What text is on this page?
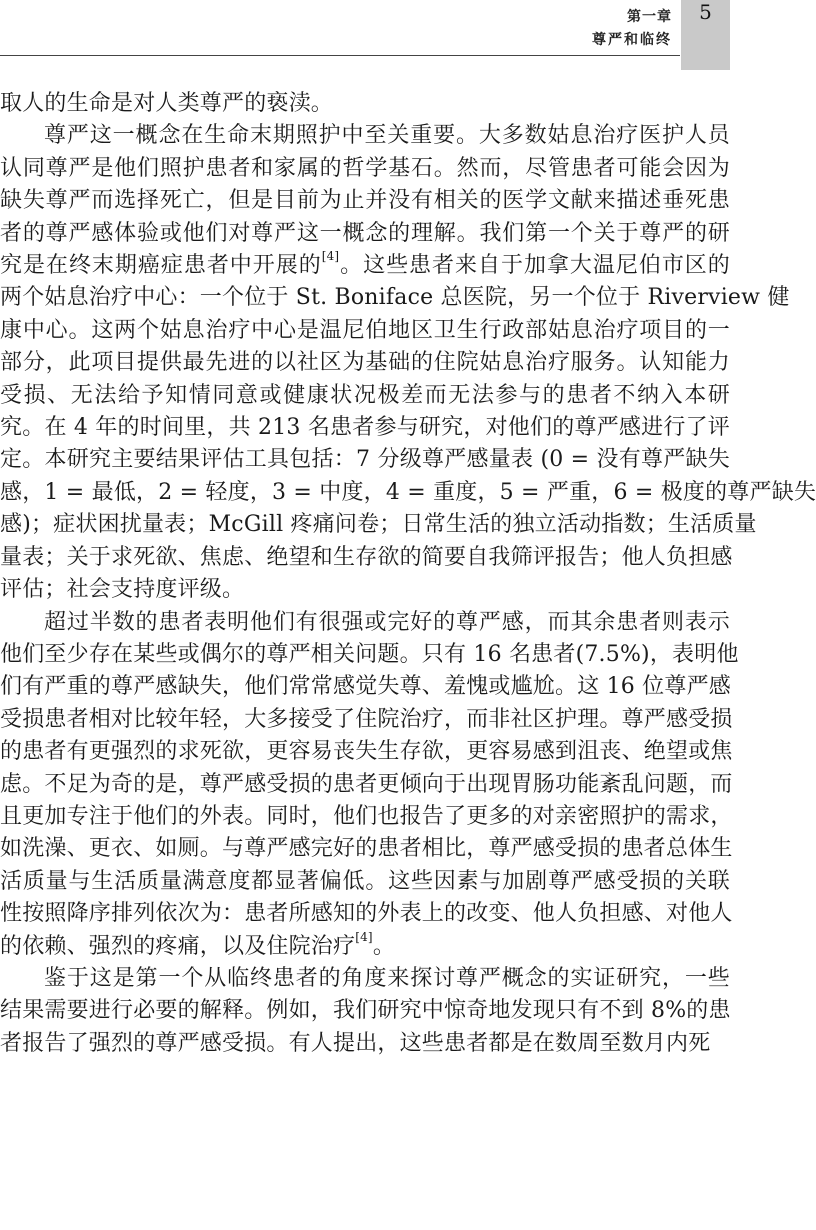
第一章
尊严和临终
5

取人的生命是对人类尊严的亵渎。

尊严这一概念在生命末期照护中至关重要。大多数姑息治疗医护人员
认同尊严是他们照护患者和家属的哲学基石。然而，尽管患者可能会因为
缺失尊严而选择死亡，但是目前为止并没有相关的医学文献来描述垂死患
者的尊严感体验或他们对尊严这一概念的理解。我们第一个关于尊严的研
究是在终末期癌症患者中开展的[4]。这些患者来自于加拿大温尼伯市区的
两个姑息治疗中心：一个位于 St. Boniface 总医院，另一个位于 Riverview 健
康中心。这两个姑息治疗中心是温尼伯地区卫生行政部姑息治疗项目的一
部分，此项目提供最先进的以社区为基础的住院姑息治疗服务。认知能力
受损、无法给予知情同意或健康状况极差而无法参与的患者不纳入本研
究。在 4 年的时间里，共 213 名患者参与研究，对他们的尊严感进行了评
定。本研究主要结果评估工具包括：7 分级尊严感量表 (0 = 没有尊严缺失
感，1 = 最低，2 = 轻度，3 = 中度，4 = 重度，5 = 严重，6 = 极度的尊严缺失
感)；症状困扰量表；McGill 疼痛问卷；日常生活的独立活动指数；生活质量
量表；关于求死欲、焦虑、绝望和生存欲的简要自我筛评报告；他人负担感
评估；社会支持度评级。

超过半数的患者表明他们有很强或完好的尊严感，而其余患者则表示
他们至少存在某些或偶尔的尊严相关问题。只有 16 名患者(7.5%)，表明他
们有严重的尊严感缺失，他们常常感觉失尊、羞愧或尴尬。这 16 位尊严感
受损患者相对比较年轻，大多接受了住院治疗，而非社区护理。尊严感受损
的患者有更强烈的求死欲，更容易丧失生存欲，更容易感到沮丧、绝望或焦
虑。不足为奇的是，尊严感受损的患者更倾向于出现胃肠功能紊乱问题，而
且更加专注于他们的外表。同时，他们也报告了更多的对亲密照护的需求，
如洗澡、更衣、如厕。与尊严感完好的患者相比，尊严感受损的患者总体生
活质量与生活质量满意度都显著偏低。这些因素与加剧尊严感受损的关联
性按照降序排列依次为：患者所感知的外表上的改变、他人负担感、对他人
的依赖、强烈的疼痛，以及住院治疗[4]。

鉴于这是第一个从临终患者的角度来探讨尊严概念的实证研究，一些
结果需要进行必要的解释。例如，我们研究中惊奇地发现只有不到 8%的患
者报告了强烈的尊严感受损。有人提出，这些患者都是在数周至数月内死
